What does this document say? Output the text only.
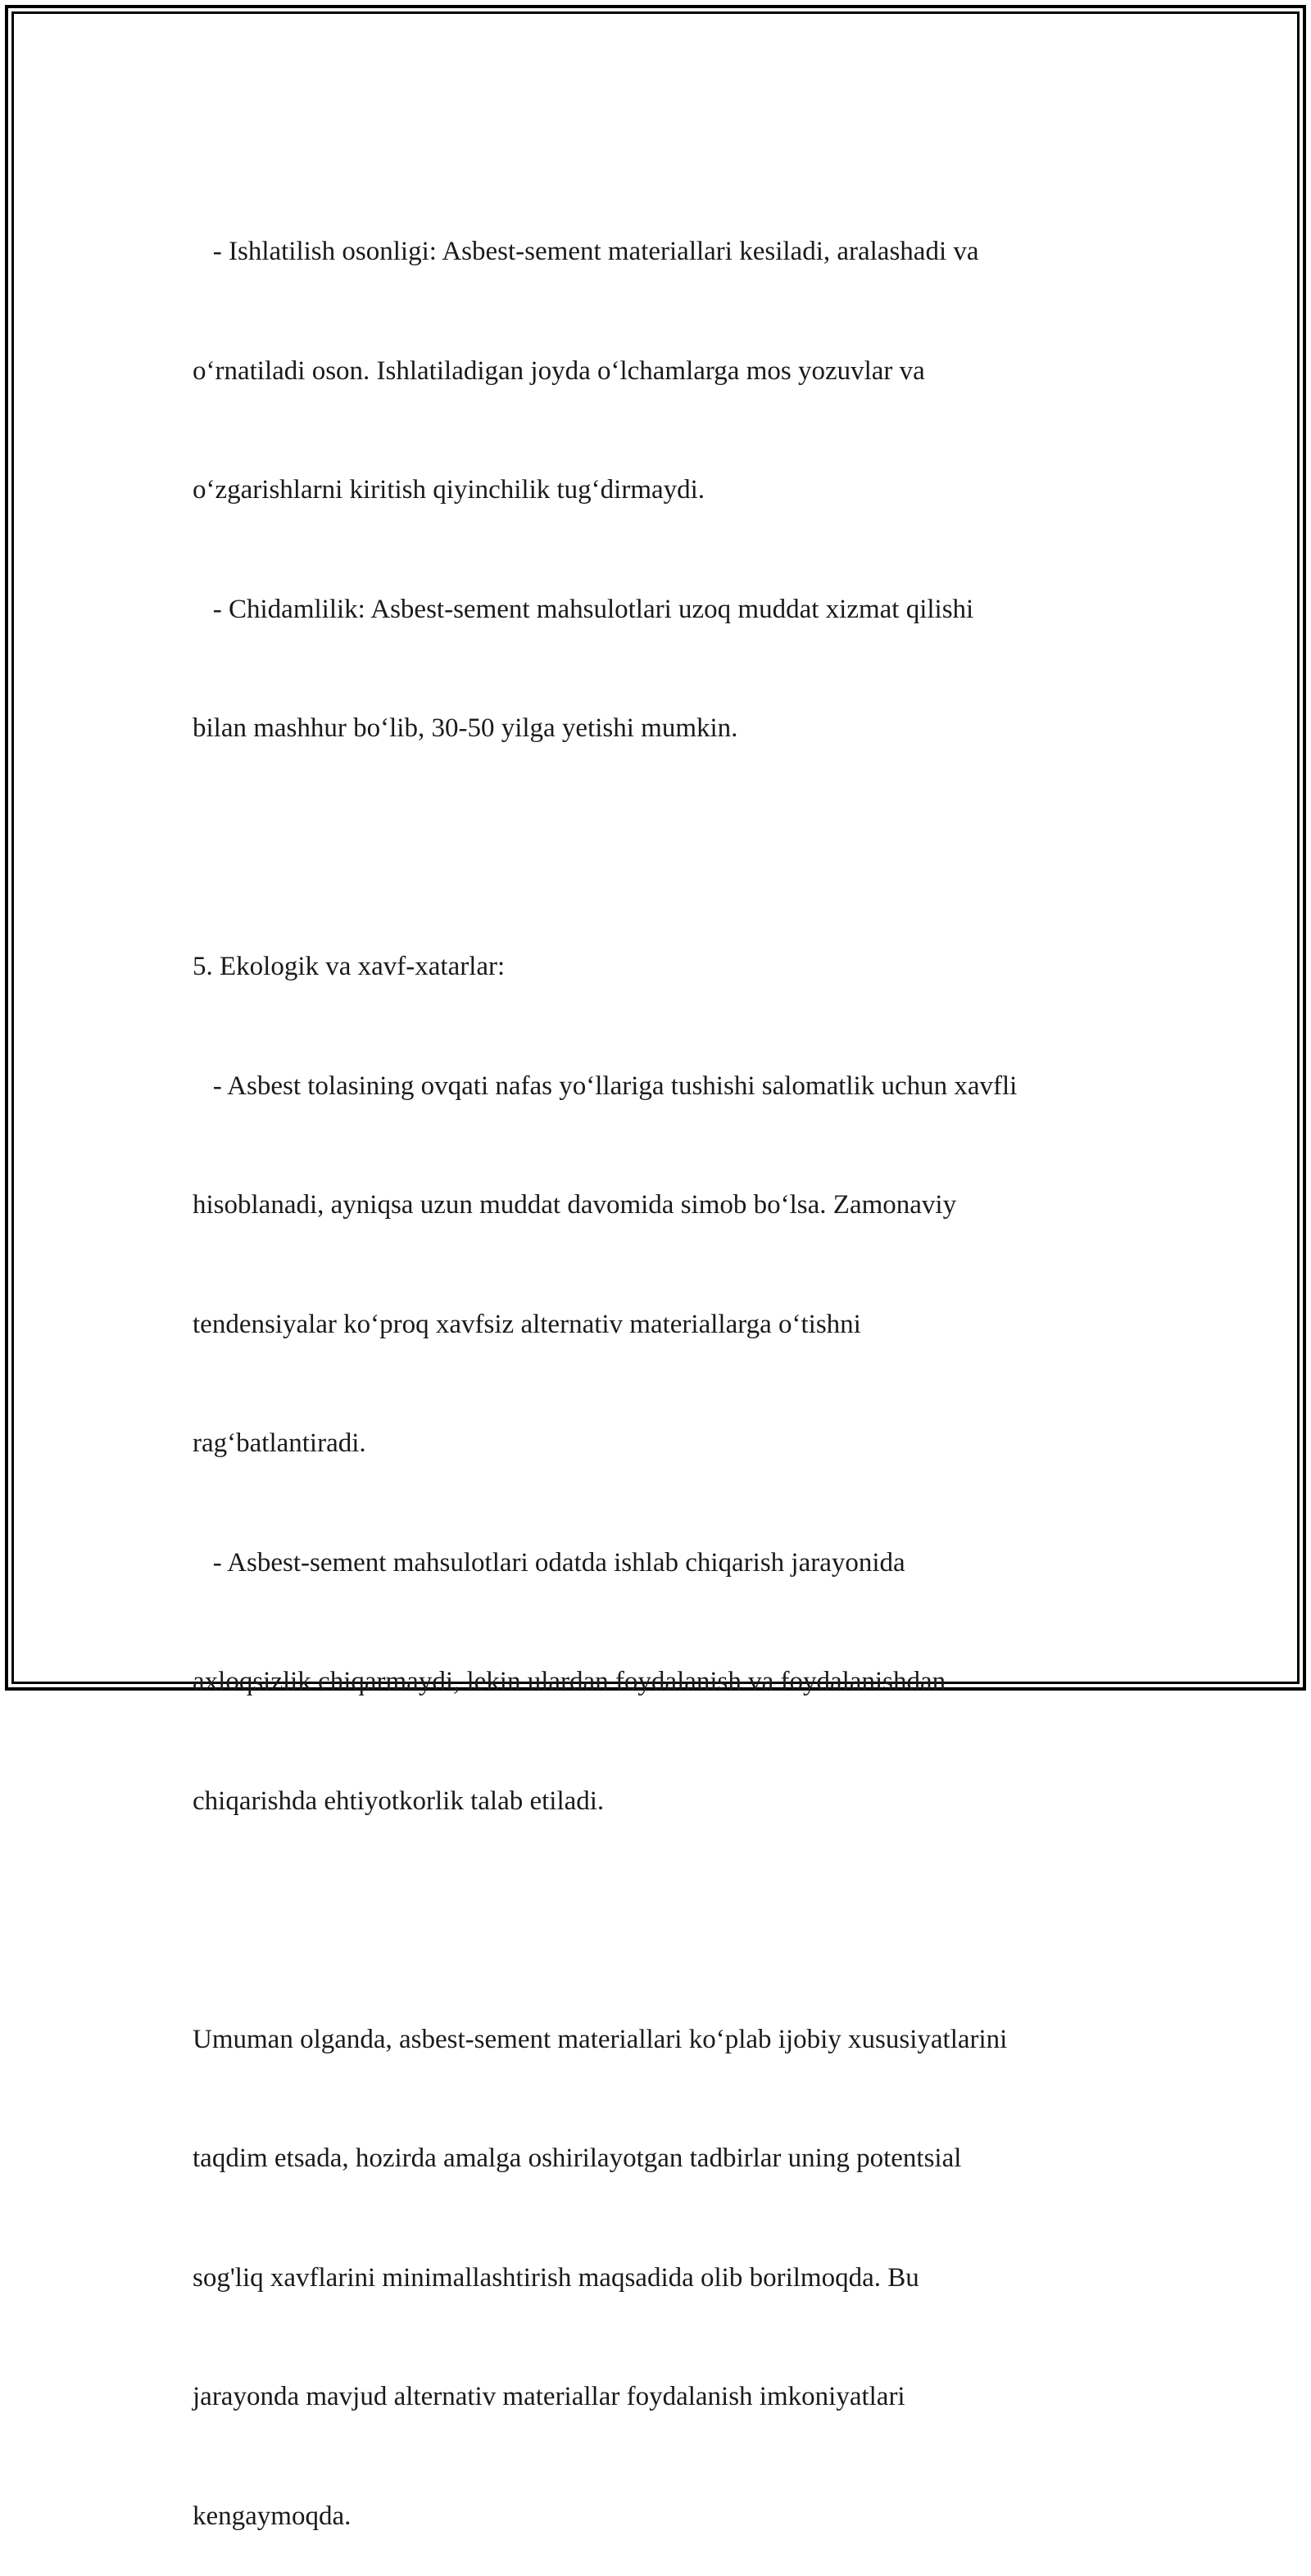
- Ishlatilish osonligi: Asbest-sement materiallari kesiladi, aralashadi va

o‘rnatiladi oson. Ishlatiladigan joyda o‘lchamlarga mos yozuvlar va

o‘zgarishlarni kiritish qiyinchilik tug‘dirmaydi.

- Chidamlilik: Asbest-sement mahsulotlari uzoq muddat xizmat qilishi

bilan mashhur bo‘lib, 30-50 yilga yetishi mumkin.

5. Ekologik va xavf-xatarlar:

- Asbest tolasining ovqati nafas yo‘llariga tushishi salomatlik uchun xavfli

hisoblanadi, ayniqsa uzun muddat davomida simob bo‘lsa. Zamonaviy

tendensiyalar ko‘proq xavfsiz alternativ materiallarga o‘tishni

rag‘batlantiradi.

- Asbest-sement mahsulotlari odatda ishlab chiqarish jarayonida

axloqsizlik chiqarmaydi, lekin ulardan foydalanish va foydalanishdan

chiqarishda ehtiyotkorlik talab etiladi.

Umuman olganda, asbest-sement materiallari ko‘plab ijobiy xususiyatlarini

taqdim etsada, hozirda amalga oshirilayotgan tadbirlar uning potentsial

sog'liq xavflarini minimallashtirish maqsadida olib borilmoqda. Bu

jarayonda mavjud alternativ materiallar foydalanish imkoniyatlari

kengaymoqda.
